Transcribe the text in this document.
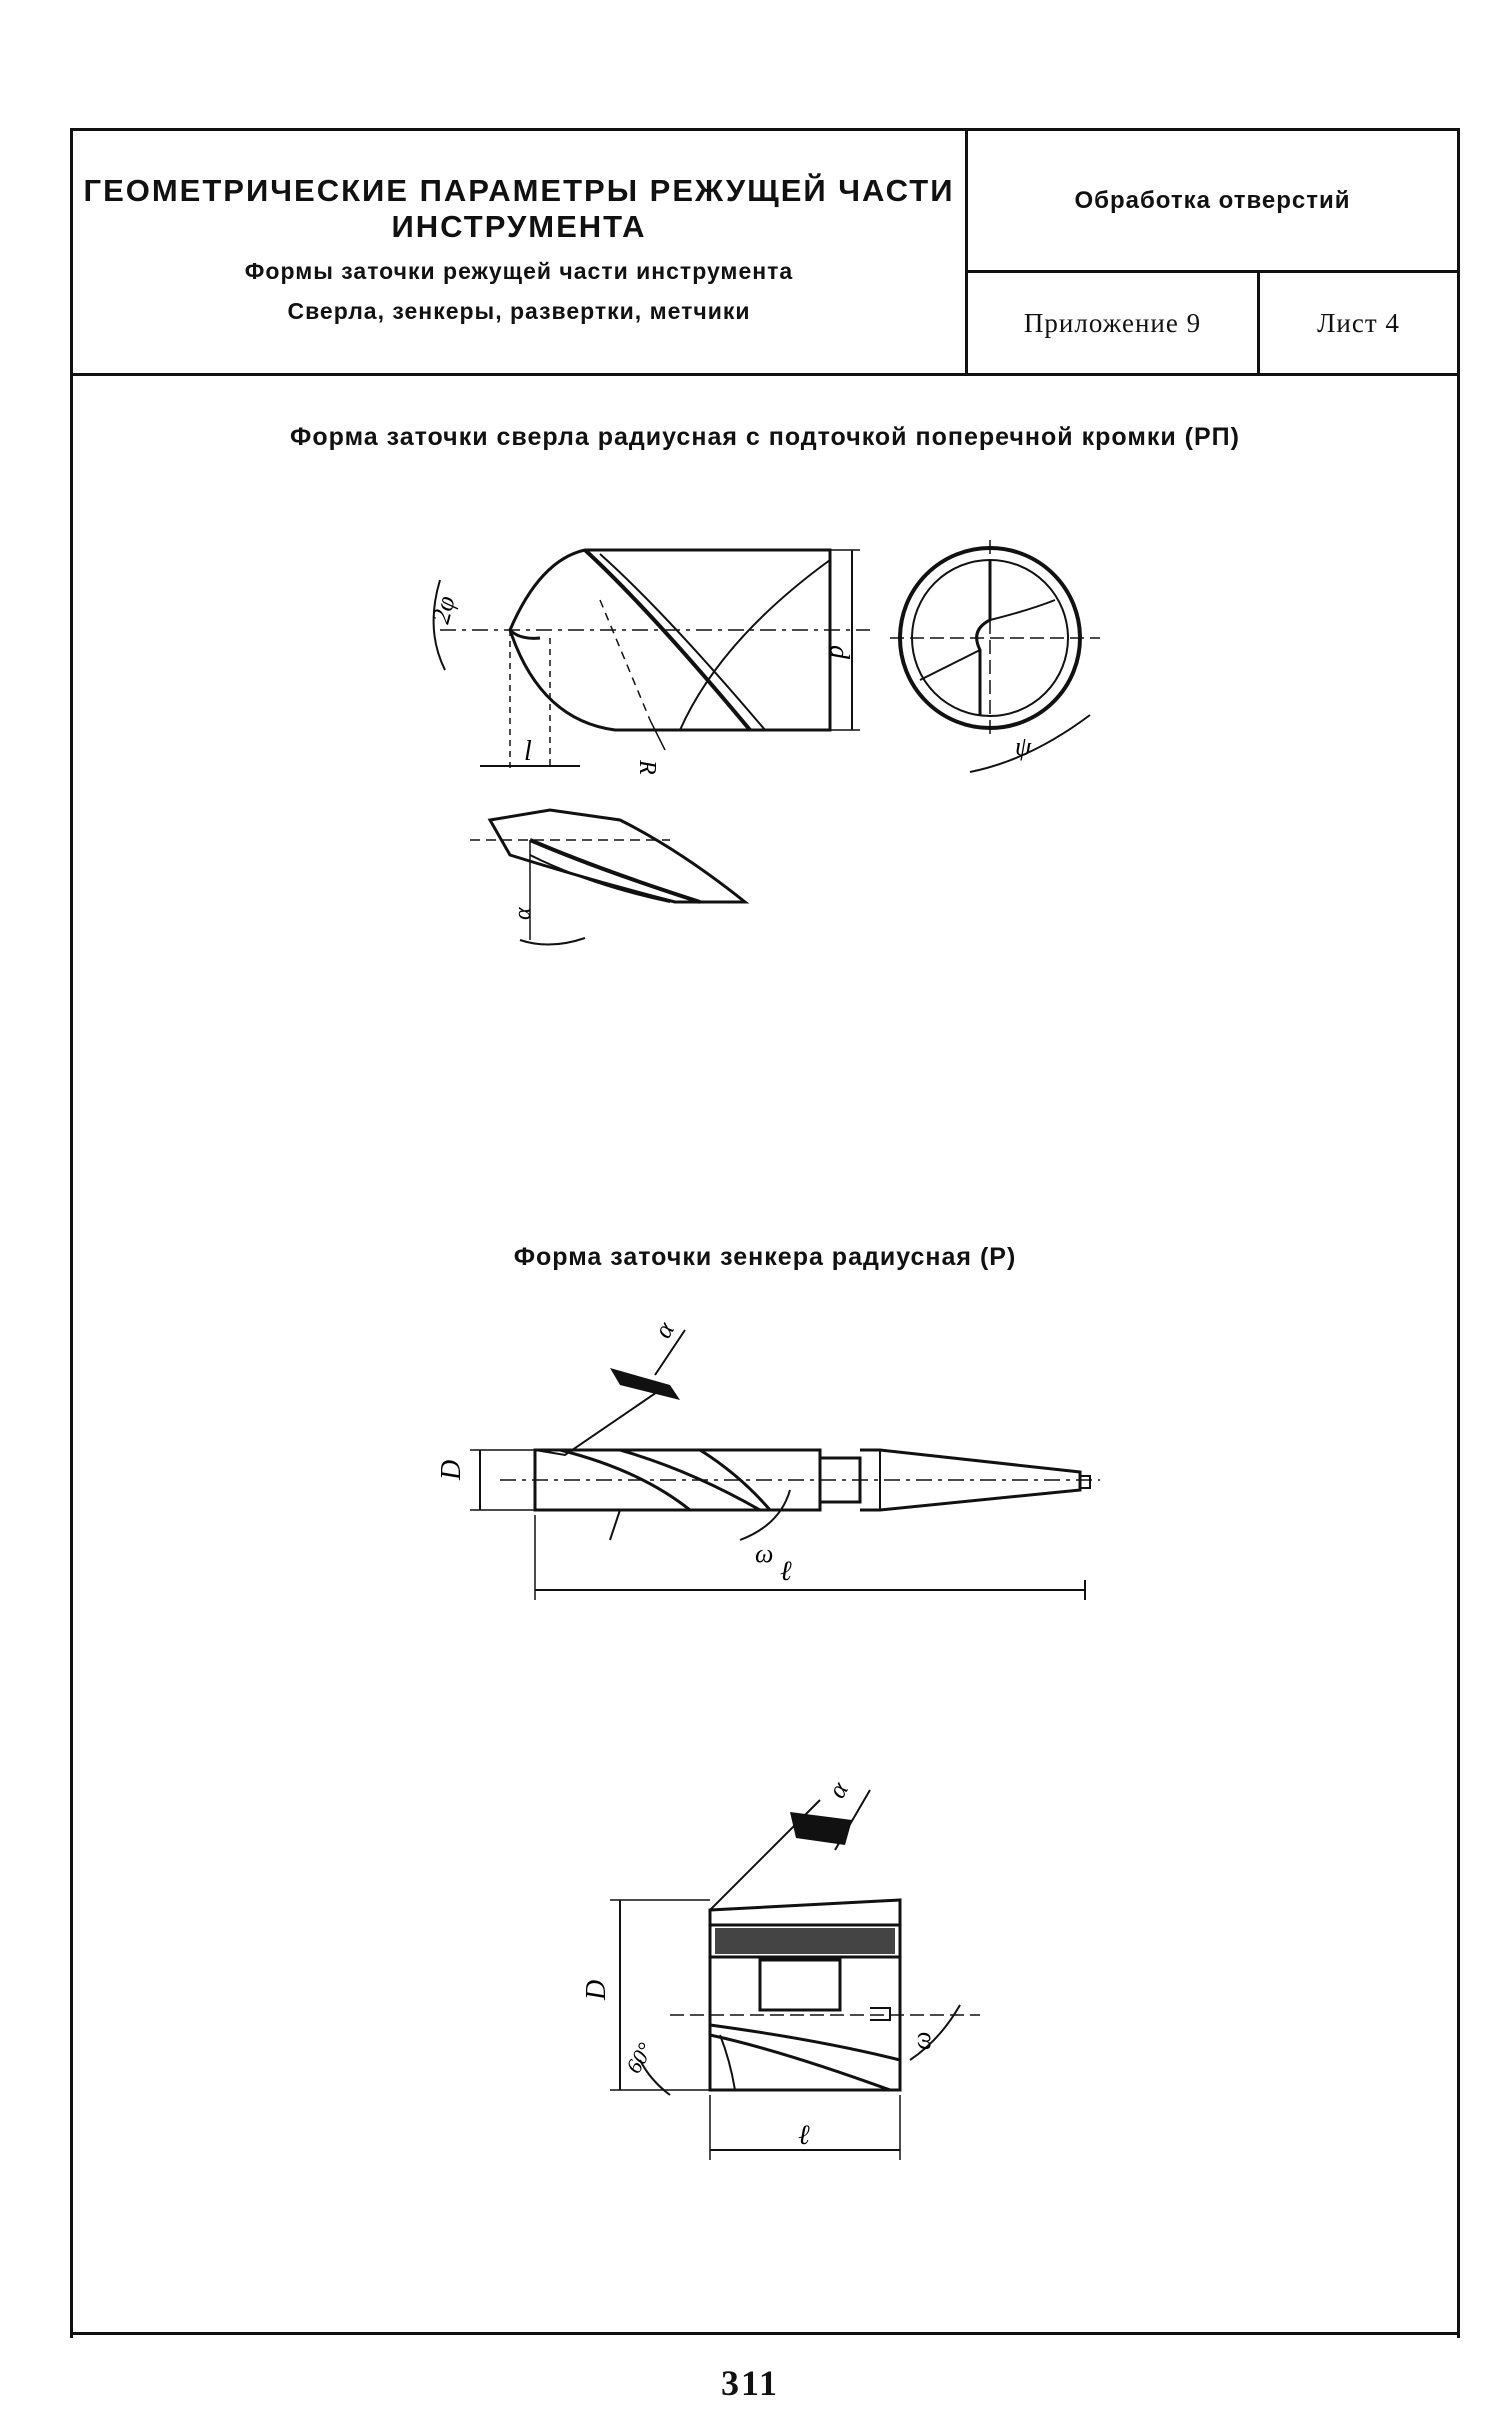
ГЕОМЕТРИЧЕСКИЕ ПАРАМЕТРЫ РЕЖУЩЕЙ ЧАСТИ ИНСТРУМЕНТА
Формы заточки режущей части инструмента
Сверла, зенкеры, развертки, метчики
Обработка отверстий
Приложение 9	Лист 4
Форма заточки сверла радиусная с подточкой поперечной кромки (РП)
Форма заточки зенкера радиусная (Р)
2φ
d
l
R
ψ
α
α
D
ω
ℓ
α
D
60°	ω
ℓ
311
